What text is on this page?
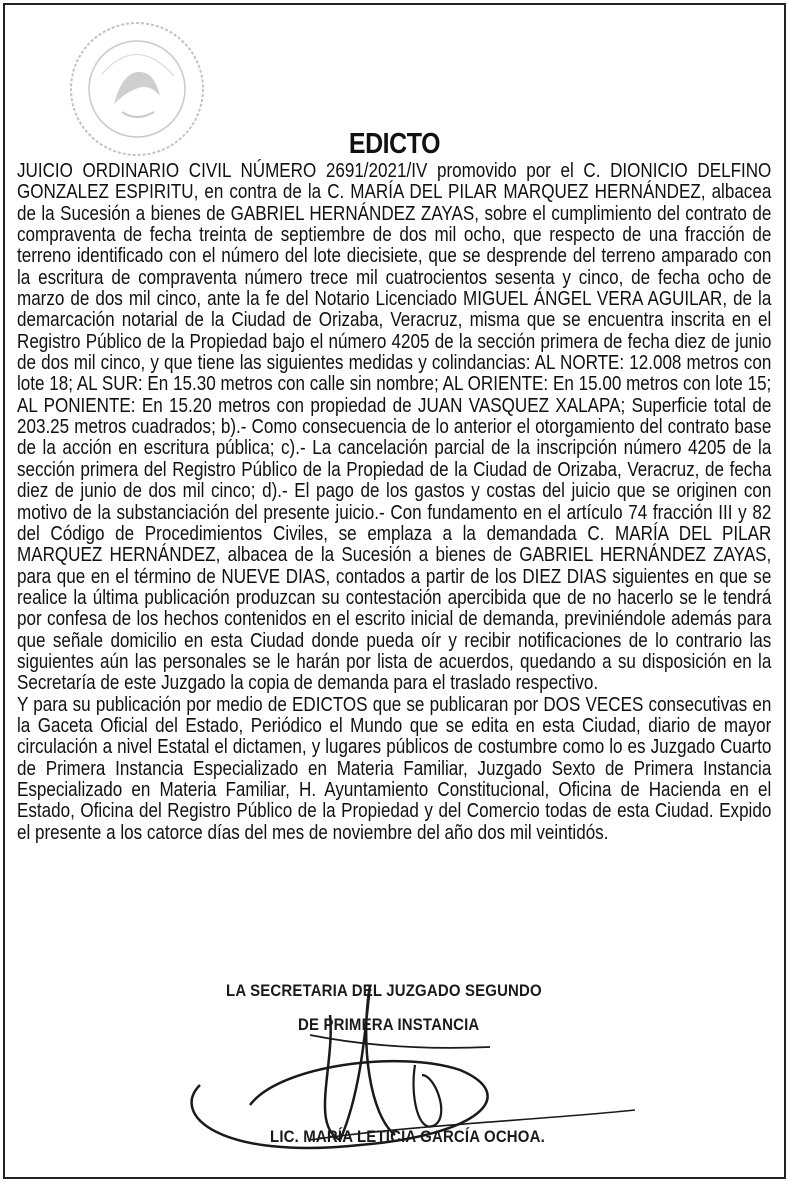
EDICTO

JUICIO ORDINARIO CIVIL NÚMERO 2691/2021/IV promovido por el C. DIONICIO DELFINO GONZALEZ ESPIRITU, en contra de la C. MARÍA DEL PILAR MARQUEZ HERNÁNDEZ, albacea de la Sucesión a bienes de GABRIEL HERNÁNDEZ ZAYAS, sobre el cumplimiento del contrato de compraventa de fecha treinta de septiembre de dos mil ocho, que respecto de una fracción de terreno identificado con el número del lote diecisiete, que se desprende del terreno amparado con la escritura de compraventa número trece mil cuatrocientos sesenta y cinco, de fecha ocho de marzo de dos mil cinco, ante la fe del Notario Licenciado MIGUEL ÁNGEL VERA AGUILAR, de la demarcación notarial de la Ciudad de Orizaba, Veracruz, misma que se encuentra inscrita en el Registro Público de la Propiedad bajo el número 4205 de la sección primera de fecha diez de junio de dos mil cinco, y que tiene las siguientes medidas y colindancias: AL NORTE: 12.008 metros con lote 18; AL SUR: En 15.30 metros con calle sin nombre; AL ORIENTE: En 15.00 metros con lote 15; AL PONIENTE: En 15.20 metros con propiedad de JUAN VASQUEZ XALAPA; Superficie total de 203.25 metros cuadrados; b).- Como consecuencia de lo anterior el otorgamiento del contrato base de la acción en escritura pública; c).- La cancelación parcial de la inscripción número 4205 de la sección primera del Registro Público de la Propiedad de la Ciudad de Orizaba, Veracruz, de fecha diez de junio de dos mil cinco; d).- El pago de los gastos y costas del juicio que se originen con motivo de la substanciación del presente juicio.- Con fundamento en el artículo 74 fracción III y 82 del Código de Procedimientos Civiles, se emplaza a la demandada C. MARÍA DEL PILAR MARQUEZ HERNÁNDEZ, albacea de la Sucesión a bienes de GABRIEL HERNÁNDEZ ZAYAS, para que en el término de NUEVE DIAS, contados a partir de los DIEZ DIAS siguientes en que se realice la última publicación produzcan su contestación apercibida que de no hacerlo se le tendrá por confesa de los hechos contenidos en el escrito inicial de demanda, previniéndole además para que señale domicilio en esta Ciudad donde pueda oír y recibir notificaciones de lo contrario las siguientes aún las personales se le harán por lista de acuerdos, quedando a su disposición en la Secretaría de este Juzgado la copia de demanda para el traslado respectivo.

Y para su publicación por medio de EDICTOS que se publicaran por DOS VECES consecutivas en la Gaceta Oficial del Estado, Periódico el Mundo que se edita en esta Ciudad, diario de mayor circulación a nivel Estatal el dictamen, y lugares públicos de costumbre como lo es Juzgado Cuarto de Primera Instancia Especializado en Materia Familiar, Juzgado Sexto de Primera Instancia Especializado en Materia Familiar, H. Ayuntamiento Constitucional, Oficina de Hacienda en el Estado, Oficina del Registro Público de la Propiedad y del Comercio todas de esta Ciudad. Expido el presente a los catorce días del mes de noviembre del año dos mil veintidós.

LA SECRETARIA DEL JUZGADO SEGUNDO
DE PRIMERA INSTANCIA
LIC. MARÍA LETICIA GARCÍA OCHOA.
